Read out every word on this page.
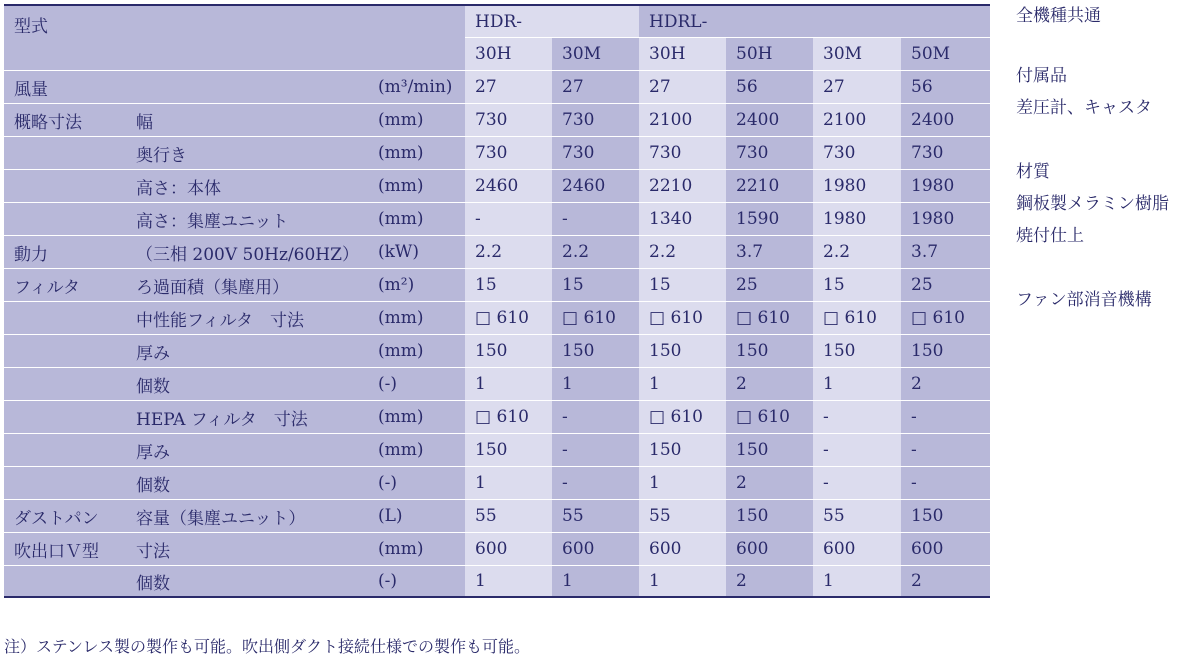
型式			HDR-		HDRL-			
			30H	30M	30H	50H	30M	50M
風量		(m³/min)	27	27	27	56	27	56
概略寸法	幅	(mm)	730	730	2100	2400	2100	2400
	奥行き	(mm)	730	730	730	730	730	730
	高さ：本体	(mm)	2460	2460	2210	2210	1980	1980
	高さ：集塵ユニット	(mm)	-	-	1340	1590	1980	1980
動力	（三相 200V 50Hz/60HZ）	(kW)	2.2	2.2	2.2	3.7	2.2	3.7
フィルタ	ろ過面積（集塵用）	(m²)	15	15	15	25	15	25
	中性能フィルタ　寸法	(mm)	□ 610	□ 610	□ 610	□ 610	□ 610	□ 610
	厚み	(mm)	150	150	150	150	150	150
	個数	(-)	1	1	1	2	1	2
	HEPA フィルタ　寸法	(mm)	□ 610	-	□ 610	□ 610	-	-
	厚み	(mm)	150	-	150	150	-	-
	個数	(-)	1	-	1	2	-	-
ダストパン	容量（集塵ユニット）	(L)	55	55	55	150	55	150
吹出口Ｖ型	寸法	(mm)	600	600	600	600	600	600
	個数	(-)	1	1	1	2	1	2

注）ステンレス製の製作も可能。吹出側ダクト接続仕様での製作も可能。

全機種共通

付属品

差圧計、キャスタ

材質

鋼板製メラミン樹脂

焼付仕上

ファン部消音機構
